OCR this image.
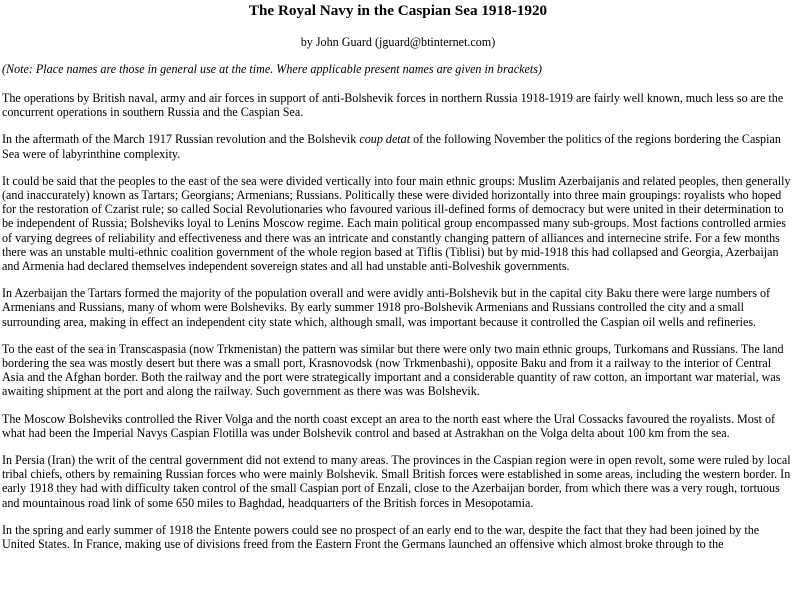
The Royal Navy in the Caspian Sea 1918-1920
by John Guard (jguard@btinternet.com)
(Note: Place names are those in general use at the time. Where applicable present names are given in brackets)

The operations by British naval, army and air forces in support of anti-Bolshevik forces in northern Russia 1918-1919 are fairly well known, much less so are the concurrent operations in southern Russia and the Caspian Sea.

In the aftermath of the March 1917 Russian revolution and the Bolshevik coup detat of the following November the politics of the regions bordering the Caspian Sea were of labyrinthine complexity.

It could be said that the peoples to the east of the sea were divided vertically into four main ethnic groups: Muslim Azerbaijanis and related peoples, then generally (and inaccurately) known as Tartars; Georgians; Armenians; Russians. Politically these were divided horizontally into three main groupings: royalists who hoped for the restoration of Czarist rule; so called Social Revolutionaries who favoured various ill-defined forms of democracy but were united in their determination to be independent of Russia; Bolsheviks loyal to Lenins Moscow regime. Each main political group encompassed many sub-groups. Most factions controlled armies of varying degrees of reliability and effectiveness and there was an intricate and constantly changing pattern of alliances and internecine strife. For a few months there was an unstable multi-ethnic coalition government of the whole region based at Tiflis (Tiblisi) but by mid-1918 this had collapsed and Georgia, Azerbaijan and Armenia had declared themselves independent sovereign states and all had unstable anti-Bolveshik governments.

In Azerbaijan the Tartars formed the majority of the population overall and were avidly anti-Bolshevik but in the capital city Baku there were large numbers of Armenians and Russians, many of whom were Bolsheviks. By early summer 1918 pro-Bolshevik Armenians and Russians controlled the city and a small surrounding area, making in effect an independent city state which, although small, was important because it controlled the Caspian oil wells and refineries.

To the east of the sea in Transcaspasia (now Trkmenistan) the pattern was similar but there were only two main ethnic groups, Turkomans and Russians. The land bordering the sea was mostly desert but there was a small port, Krasnovodsk (now Trkmenbashi), opposite Baku and from it a railway to the interior of Central Asia and the Afghan border. Both the railway and the port were strategically important and a considerable quantity of raw cotton, an important war material, was awaiting shipment at the port and along the railway. Such government as there was was Bolshevik.

The Moscow Bolsheviks controlled the River Volga and the north coast except an area to the north east where the Ural Cossacks favoured the royalists. Most of what had been the Imperial Navys Caspian Flotilla was under Bolshevik control and based at Astrakhan on the Volga delta about 100 km from the sea.

In Persia (Iran) the writ of the central government did not extend to many areas. The provinces in the Caspian region were in open revolt, some were ruled by local tribal chiefs, others by remaining Russian forces who were mainly Bolshevik. Small British forces were established in some areas, including the western border. In early 1918 they had with difficulty taken control of the small Caspian port of Enzali, close to the Azerbaijan border, from which there was a very rough, tortuous and mountainous road link of some 650 miles to Baghdad, headquarters of the British forces in Mesopotamia.

In the spring and early summer of 1918 the Entente powers could see no prospect of an early end to the war, despite the fact that they had been joined by the United States. In France, making use of divisions freed from the Eastern Front the Germans launched an offensive which almost broke through to the
